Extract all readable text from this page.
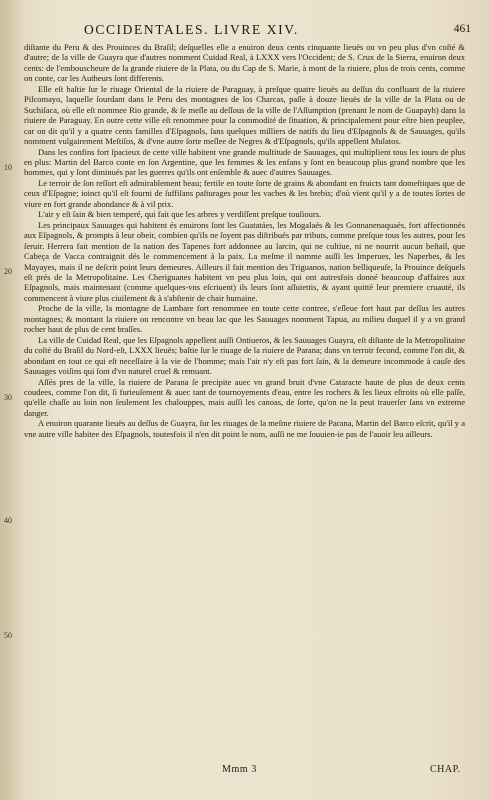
OCCIDENTALES. LIVRE XIV.	461
10
20
30
40
50

diſtante du Peru & des Prouinces du Braſil; deſquelles elle a enuiron deux cents cinquante lieuës ou vn peu plus d'vn coſté & d'autre; de la ville de Guayra que d'autres nomment Cuidad Real, à LXXX vers l'Occident; de S. Crux de la Sierra, enuiron deux cents: de l'embouscheure de la grande riuiere de la Plata, ou du Cap de S. Marie, à mont de la riuiere, plus de trois cents, comme on conte, car les Autheurs ſont differents.

Elle eſt baſtie ſur le riuage Oriental de la riuiere de Paraguay, à preſque quatre lieuës au deſſus du confluant de la riuiere Pilcomayo, laquelle ſourdant dans le Peru des montagnes de los Charcas, paſſe à douze lieuës de la ville de la Plata ou de Suchiſaca, où elle eſt nommee Rio grande, & ſe meſle au deſſous de la ville de l'Aſſumption (prenant le nom de Guapayh) dans la riuiere de Paraguay. En outre cette ville eſt renommee pour la commodité de ſituation, & principalement pour eſtre bien peuplee, car on dit qu'il y a quatre cents familles d'Eſpagnols, ſans quelques milliers de natifs du lieu d'Eſpagnols & de Sauuages, qu'ils nomment vulgairement Meſtiſos, & d'vne autre ſorte meſlee de Negres & d'Eſpagnols, qu'ils appellent Mulatos.

Dans les confins fort ſpacieux de cette ville habitent vne grande multitude de Sauuages, qui multiplient tous les iours de plus en plus: Martin del Barco conte en ſon Argentine, que les femmes & les enfans y ſont en beaucoup plus grand nombre que les hommes, qui y ſont diminués par les guerres qu'ils ont enſemble & auec d'autres Sauuages.

Le terroir de ſon reſſort eſt admirablement beau; fertile en toute ſorte de grains & abondant en fruicts tant domeſtiques que de ceux d'Eſpagne; ioinct qu'il eſt fourni de ſuffiſans paſturages pour les vaches & les brebis; d'où vient qu'il y a de toutes ſortes de viure en fort grande abondance & à vil prix.

L'air y eſt ſain & bien temperé, qui fait que les arbres y verdiſſent preſque touſiours.

Les principaux Sauuages qui habitent és enuirons ſont les Guatatáes, les Mogalaés & les Gonnanenaquaés, fort affectionnés aux Eſpagnols, & prompts à leur obeir, combien qu'ils ne ſoyent pas diſtribués par tributs, comme preſque tous les autres, pour les ſeruir. Herrera fait mention de la nation des Tapenes fort addonnee au larcin, qui ne cultiue, ni ne nourrit aucun beſtail, que Cabeça de Vacca contraignit dés le commencement à la paix. La meſme il nomme auſſi les Imperues, les Naperbes, & les Mayayes, mais il ne deſcrit point leurs demeures. Ailleurs il fait mention des Triguanos, nation belliqueuſe, la Prouince deſquels eſt prés de la Metropolitaine. Les Cheriguanes habitent vn peu plus loin, qui ont autresfois donné beaucoup d'affaires aux Eſpagnols, mais maintenant (comme quelques-vns eſcriuent) ils leurs ſont aſſuiettis, & ayant quitté leur premiere cruauté, ils commencent à viure plus ciuilement & à s'abſtenir de chair humaine.

Proche de la ville, la montagne de Lambare fort renommee en toute cette contree, s'eſleue fort haut par deſſus les autres montagnes; & montant la riuiere on rencontre vn beau lac que les Sauuages nomment Tapua, au milieu duquel il y a vn grand rocher haut de plus de cent braſſes.

La ville de Cuidad Real, que les Eſpagnols appellent auſſi Ontiueros, & les Sauuages Guayra, eſt diſtante de la Metropolitaine du coſté du Braſil du Nord-eſt, LXXX lieuës; baſtie ſur le riuage de la riuiere de Parana; dans vn terroir fecond, comme l'on dit, & abondant en tout ce qui eſt neceſſaire à la vie de l'homme; mais l'air n'y eſt pas fort ſain, & la demeure incommode à cauſe des Sauuages voiſins qui ſont d'vn naturel cruel & remuant.

Aſſés pres de la ville, la riuiere de Parana ſe precipite auec vn grand bruit d'vne Cataracte haute de plus de deux cents coudees, comme l'on dit, ſi furieuſement & auec tant de tournoyements d'eau, entre les rochers & les lieux eſtroits où elle paſſe, qu'elle chaſſe au loin non ſeulement les chalouppes, mais auſſi les canoas, de ſorte, qu'on ne la peut trauerſer ſans vn extreme danger.

A enuiron quarante lieuës au deſſus de Guayra, ſur les riuages de la meſme riuiere de Parana, Martin del Barco eſcrit, qu'il y a vne autre ville habitee des Eſpagnols, toutesfois il n'en dit point le nom, auſſi ne me ſouuien-ie pas de l'auoir leu ailleurs.

Mmm 3	CHAP.
